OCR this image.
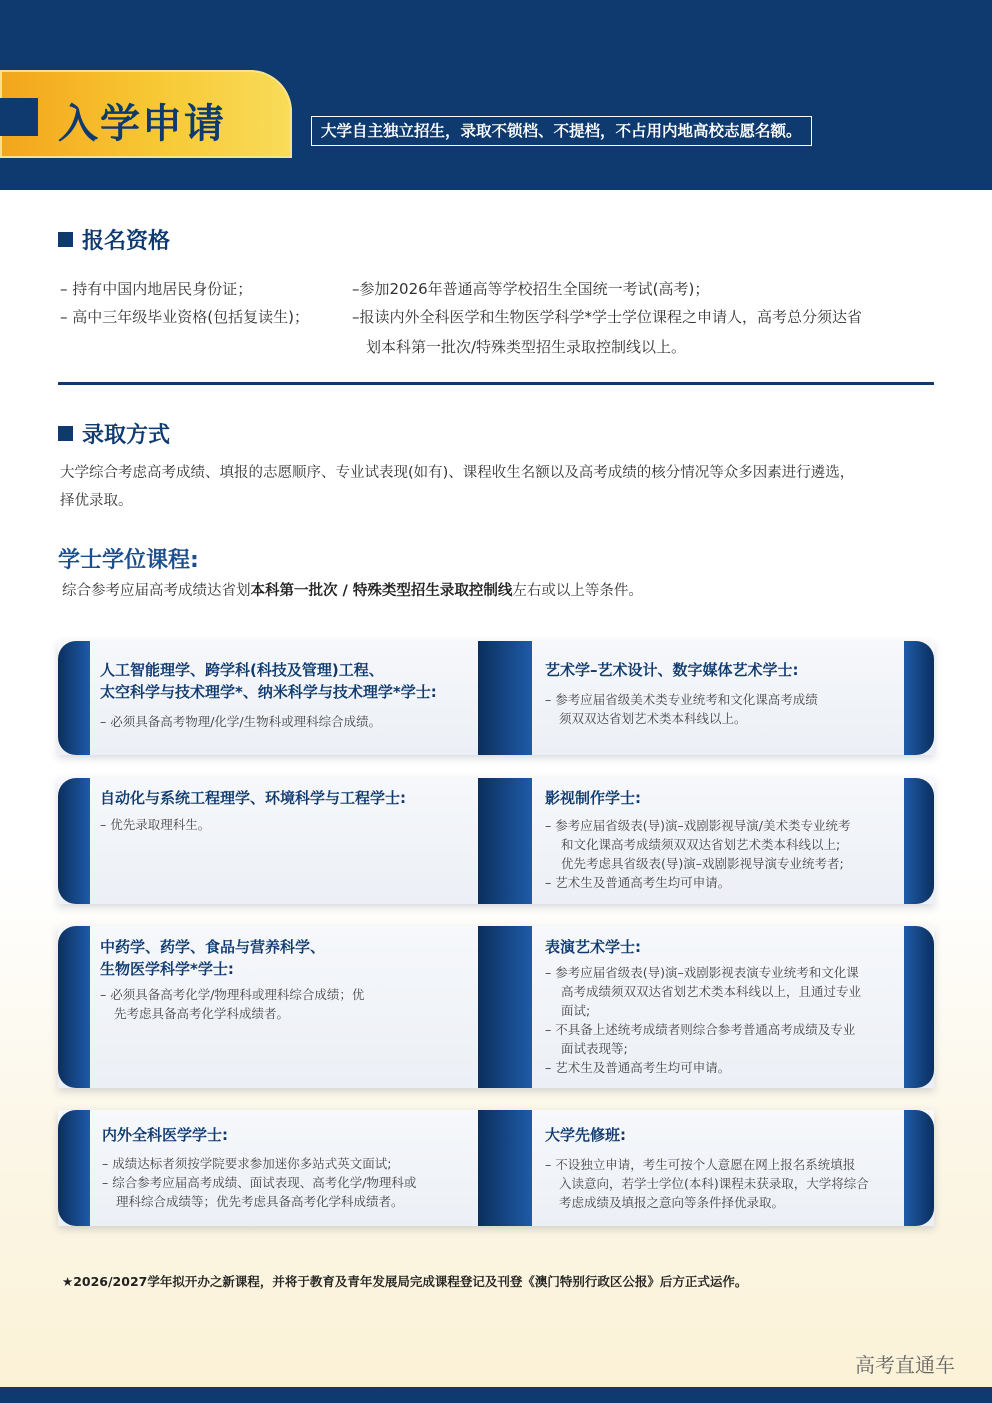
入学申请	大学自主独立招生，录取不锁档、不提档，不占用内地高校志愿名额。
报名资格
– 持有中国内地居民身份证；
– 高中三年级毕业资格(包括复读生)；
–参加2026年普通高等学校招生全国统一考试(高考)；
–报读内外全科医学和生物医学科学*学士学位课程之申请人，高考总分须达省
划本科第一批次/特殊类型招生录取控制线以上。
录取方式
大学综合考虑高考成绩、填报的志愿顺序、专业试表现(如有)、课程收生名额以及高考成绩的核分情况等众多因素进行遴选，
择优录取。
学士学位课程:
综合参考应届高考成绩达省划本科第一批次 / 特殊类型招生录取控制线左右或以上等条件。
人工智能理学、跨学科(科技及管理)工程、
太空科学与技术理学*、纳米科学与技术理学*学士:
– 必须具备高考物理/化学/生物科或理科综合成绩。
艺术学–艺术设计、数字媒体艺术学士:
– 参考应届省级美术类专业统考和文化课高考成绩
须双双达省划艺术类本科线以上。
自动化与系统工程理学、环境科学与工程学士:
– 优先录取理科生。
影视制作学士:
– 参考应届省级表(导)演–戏剧影视导演/美术类专业统考
和文化课高考成绩须双双达省划艺术类本科线以上;
优先考虑具省级表(导)演–戏剧影视导演专业统考者;
– 艺术生及普通高考生均可申请。
中药学、药学、食品与营养科学、
生物医学科学*学士:
– 必须具备高考化学/物理科或理科综合成绩；优
先考虑具备高考化学科成绩者。
表演艺术学士:
– 参考应届省级表(导)演–戏剧影视表演专业统考和文化课
高考成绩须双双达省划艺术类本科线以上，且通过专业
面试;
– 不具备上述统考成绩者则综合参考普通高考成绩及专业
面试表现等;
– 艺术生及普通高考生均可申请。
内外全科医学学士:
– 成绩达标者须按学院要求参加迷你多站式英文面试;
– 综合参考应届高考成绩、面试表现、高考化学/物理科或
理科综合成绩等；优先考虑具备高考化学科成绩者。
大学先修班:
– 不设独立申请，考生可按个人意愿在网上报名系统填报
入读意向，若学士学位(本科)课程未获录取，大学将综合
考虑成绩及填报之意向等条件择优录取。
★2026/2027学年拟开办之新课程，并将于教育及青年发展局完成课程登记及刊登《澳门特别行政区公报》后方正式运作。
高考直通车
